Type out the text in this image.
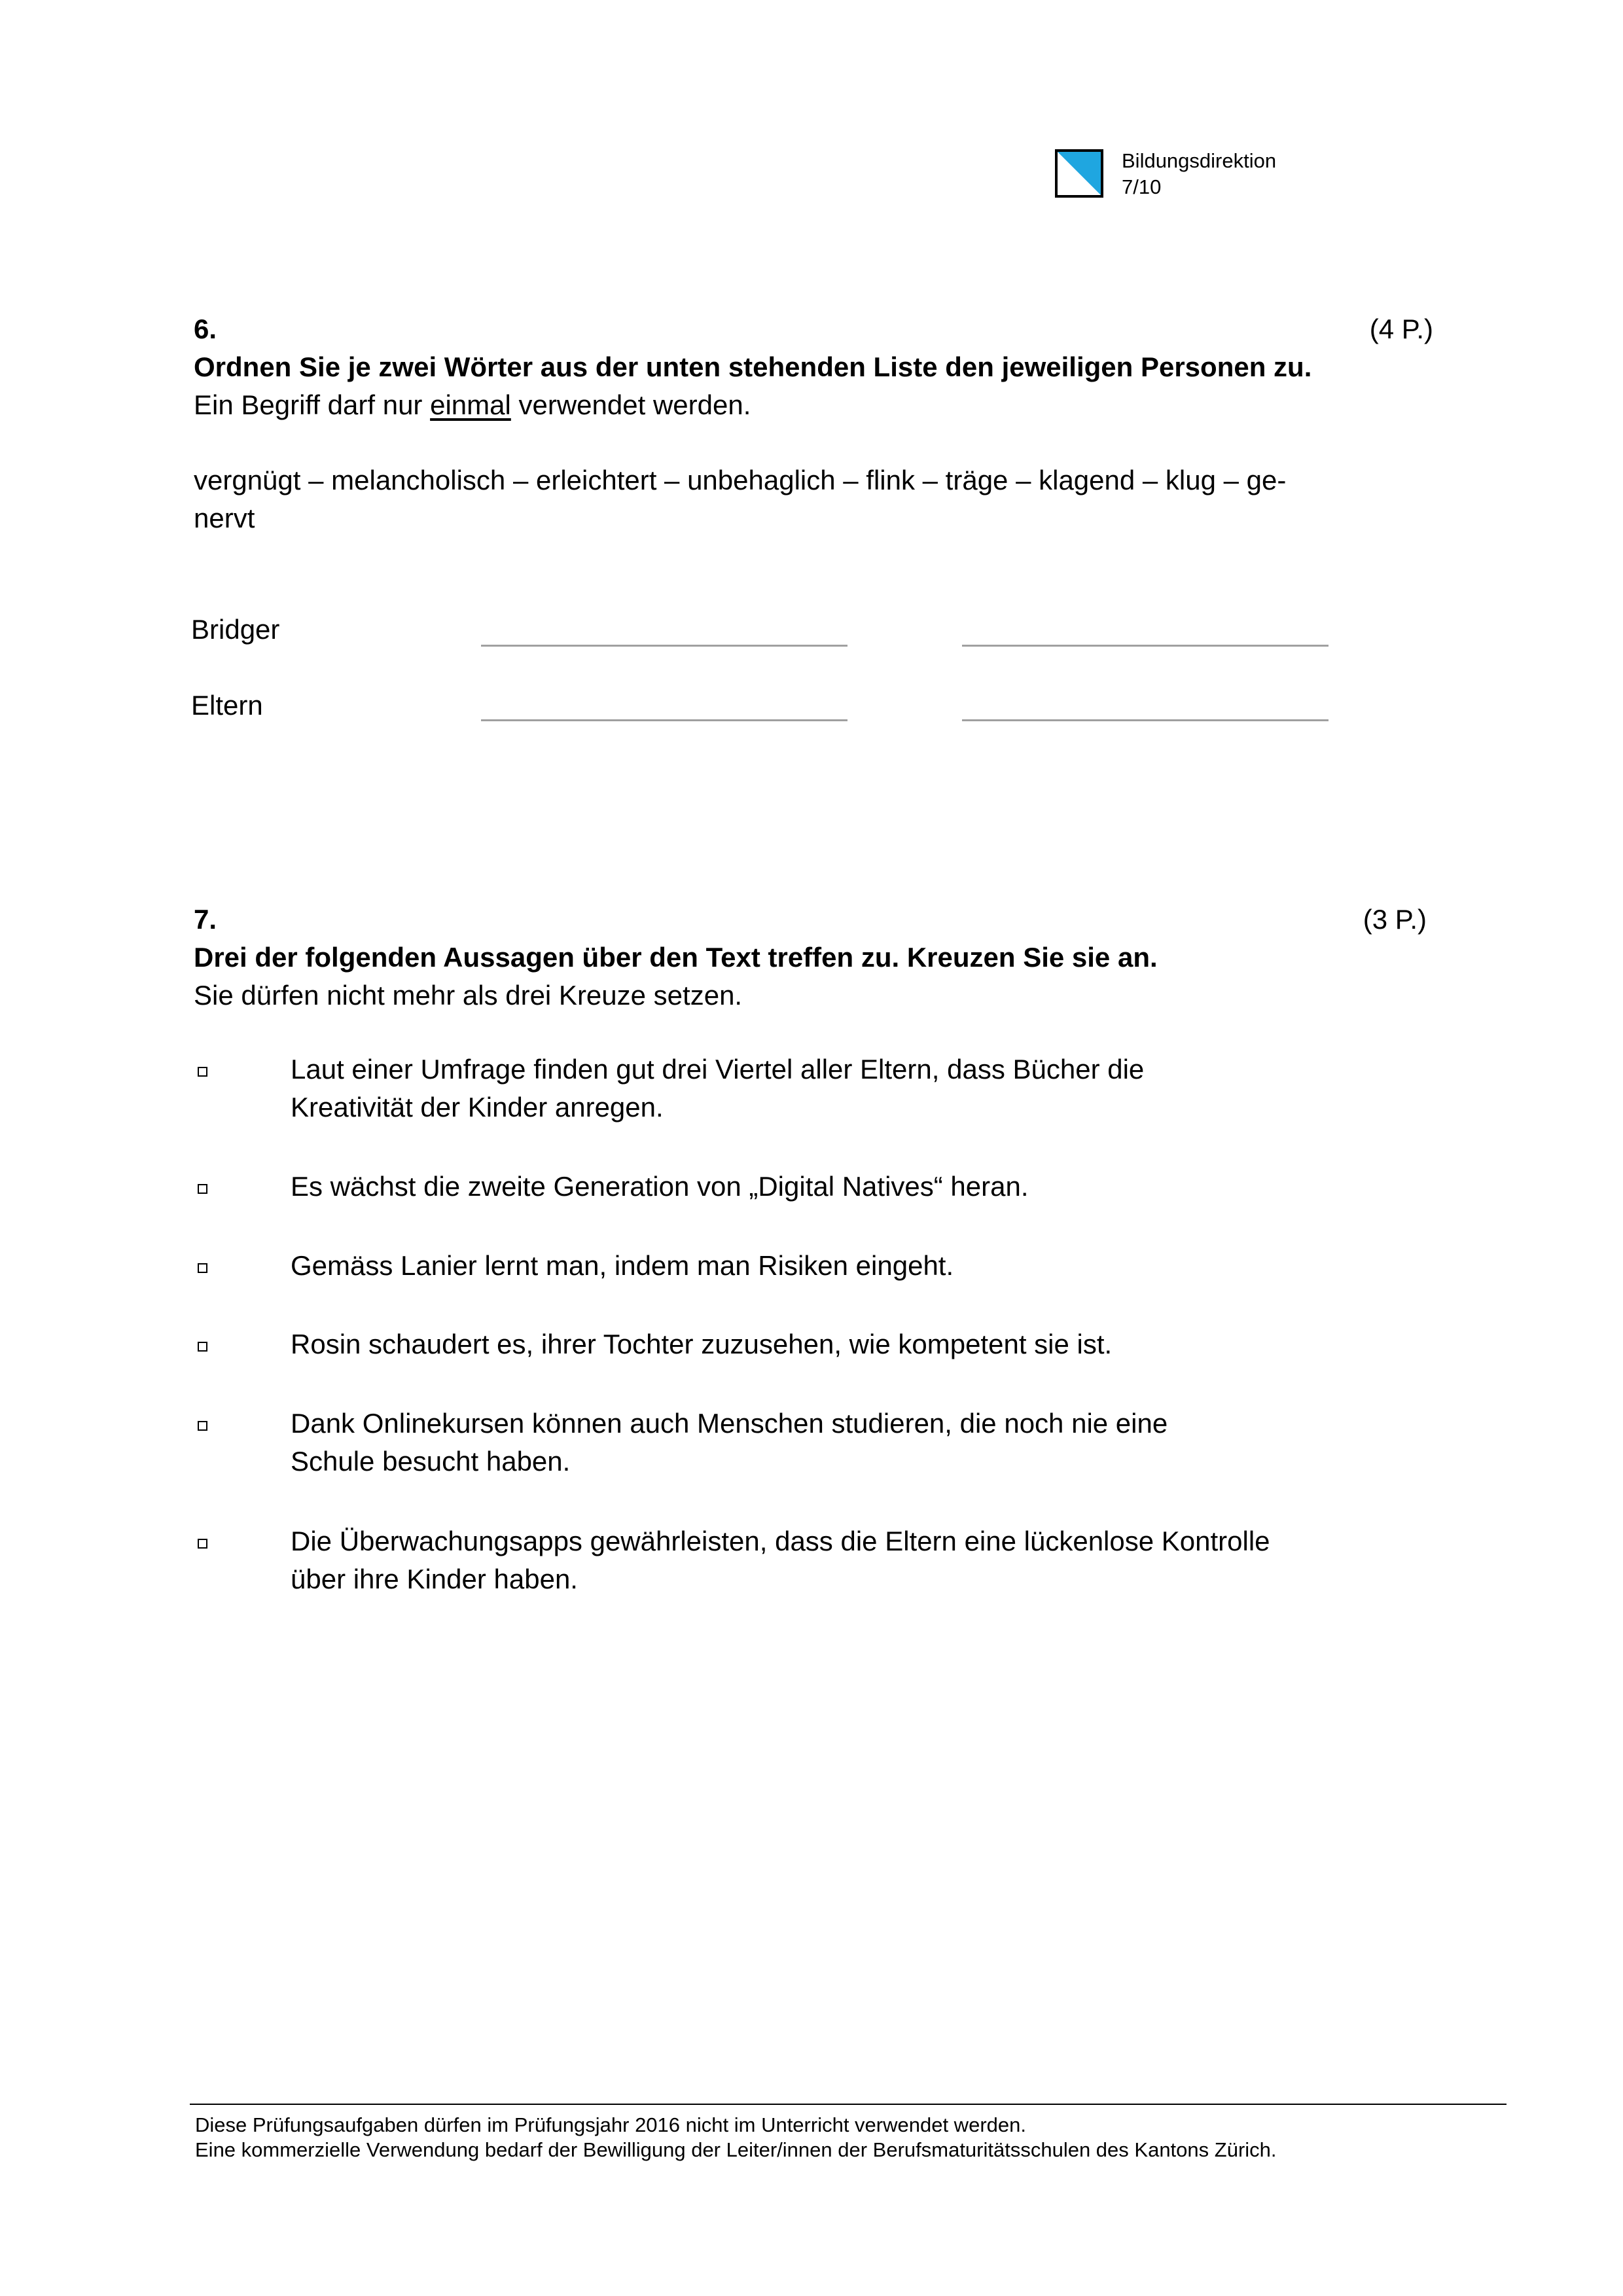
Bildungsdirektion
7/10
6.	(4 P.)
Ordnen Sie je zwei Wörter aus der unten stehenden Liste den jeweiligen Personen zu.
Ein Begriff darf nur einmal verwendet werden.
vergnügt – melancholisch – erleichtert – unbehaglich – flink – träge – klagend – klug – ge-
nervt
Bridger
Eltern
7.	(3 P.)
Drei der folgenden Aussagen über den Text treffen zu. Kreuzen Sie sie an.
Sie dürfen nicht mehr als drei Kreuze setzen.
Laut einer Umfrage finden gut drei Viertel aller Eltern, dass Bücher die
Kreativität der Kinder anregen.
Es wächst die zweite Generation von „Digital Natives“ heran.
Gemäss Lanier lernt man, indem man Risiken eingeht.
Rosin schaudert es, ihrer Tochter zuzusehen, wie kompetent sie ist.
Dank Onlinekursen können auch Menschen studieren, die noch nie eine
Schule besucht haben.
Die Überwachungsapps gewährleisten, dass die Eltern eine lückenlose Kontrolle
über ihre Kinder haben.
Diese Prüfungsaufgaben dürfen im Prüfungsjahr 2016 nicht im Unterricht verwendet werden.
Eine kommerzielle Verwendung bedarf der Bewilligung der Leiter/innen der Berufsmaturitätsschulen des Kantons Zürich.
